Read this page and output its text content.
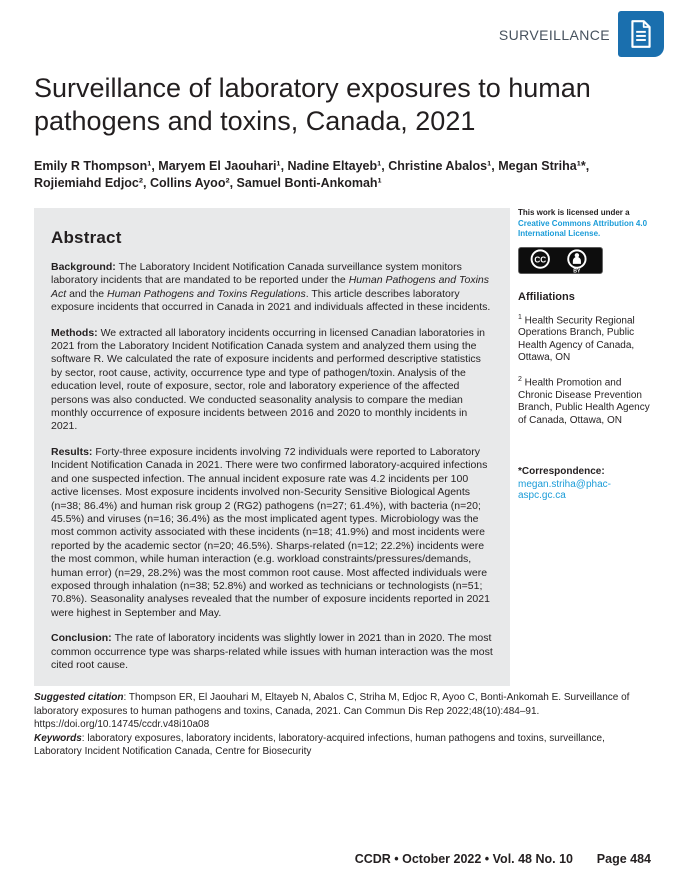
SURVEILLANCE
Surveillance of laboratory exposures to human
pathogens and toxins, Canada, 2021
Emily R Thompson¹, Maryem El Jaouhari¹, Nadine Eltayeb¹, Christine Abalos¹, Megan Striha¹*,
Rojiemiahd Edjoc², Collins Ayoo², Samuel Bonti-Ankomah¹
Abstract

Background: The Laboratory Incident Notification Canada surveillance system monitors laboratory incidents that are mandated to be reported under the Human Pathogens and Toxins Act and the Human Pathogens and Toxins Regulations. This article describes laboratory exposure incidents that occurred in Canada in 2021 and individuals affected in these incidents.

Methods: We extracted all laboratory incidents occurring in licensed Canadian laboratories in 2021 from the Laboratory Incident Notification Canada system and analyzed them using the software R. We calculated the rate of exposure incidents and performed descriptive statistics by sector, root cause, activity, occurrence type and type of pathogen/toxin. Analysis of the education level, route of exposure, sector, role and laboratory experience of the affected persons was also conducted. We conducted seasonality analysis to compare the median monthly occurrence of exposure incidents between 2016 and 2020 to monthly incidents in 2021.

Results: Forty-three exposure incidents involving 72 individuals were reported to Laboratory Incident Notification Canada in 2021. There were two confirmed laboratory-acquired infections and one suspected infection. The annual incident exposure rate was 4.2 incidents per 100 active licenses. Most exposure incidents involved non-Security Sensitive Biological Agents (n=38; 86.4%) and human risk group 2 (RG2) pathogens (n=27; 61.4%), with bacteria (n=20; 45.5%) and viruses (n=16; 36.4%) as the most implicated agent types. Microbiology was the most common activity associated with these incidents (n=18; 41.9%) and most incidents were reported by the academic sector (n=20; 46.5%). Sharps-related (n=12; 22.2%) incidents were the most common, while human interaction (e.g. workload constraints/pressures/demands, human error) (n=29, 28.2%) was the most common root cause. Most affected individuals were exposed through inhalation (n=38; 52.8%) and worked as technicians or technologists (n=51; 70.8%). Seasonality analyses revealed that the number of exposure incidents reported in 2021 were highest in September and May.

Conclusion: The rate of laboratory incidents was slightly lower in 2021 than in 2020. The most common occurrence type was sharps-related while issues with human interaction was the most cited root cause.

This work is licensed under a Creative Commons Attribution 4.0 International License.
CC
BY
Affiliations
$^1$ Health Security Regional Operations Branch, Public Health Agency of Canada, Ottawa, ON
$^2$ Health Promotion and Chronic Disease Prevention Branch, Public Health Agency of Canada, Ottawa, ON
*Correspondence:
megan.striha@phac-aspc.gc.ca

Suggested citation: Thompson ER, El Jaouhari M, Eltayeb N, Abalos C, Striha M, Edjoc R, Ayoo C, Bonti-Ankomah E. Surveillance of laboratory exposures to human pathogens and toxins, Canada, 2021. Can Commun Dis Rep 2022;48(10):484–91. https://doi.org/10.14745/ccdr.v48i10a08

Keywords: laboratory exposures, laboratory incidents, laboratory-acquired infections, human pathogens and toxins, surveillance, Laboratory Incident Notification Canada, Centre for Biosecurity

CCDR • October 2022 • Vol. 48 No. 10 Page 484
